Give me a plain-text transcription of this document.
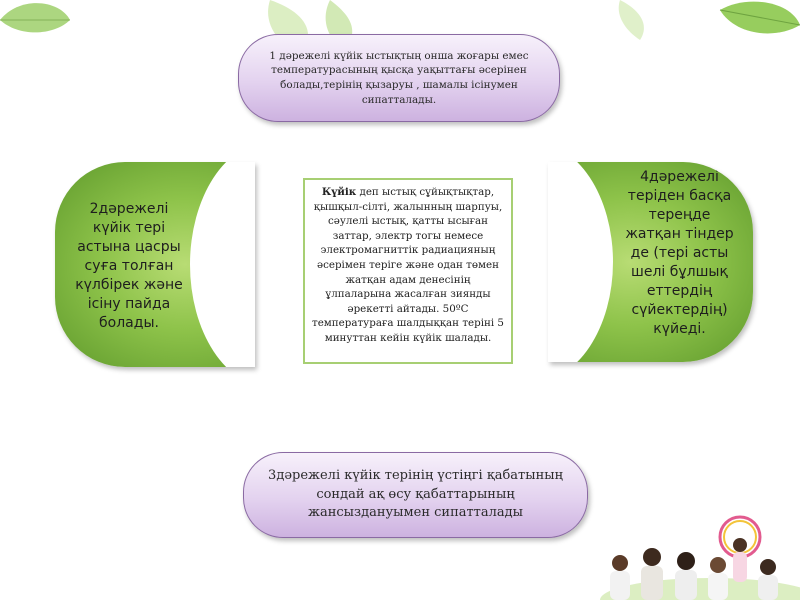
1 дәрежелі күйік ыстықтың онша жоғары емес температурасының қысқа уақыттағы әсерінен болады,терінің қызаруы , шамалы ісінумен сипатталады.
2дәрежелі
күйік тері
астына цасры
суға толған
күлбірек және
ісіну пайда
болады.
4дәрежелі
теріден басқа
тереңде
жатқан тіндер
де (тері асты
шелі бұлшық
еттердің
сүйектердің)
күйеді.
Күйік деп ыстық сұйықтықтар, қышқыл-сілті, жалынның шарпуы, сәулелі ыстық, қатты ысыған заттар, электр тогы немесе электромагниттік радиацияның әсерімен теріге және одан төмен жатқан адам денесінің ұлпаларына жасалған зиянды әрекетті айтады. 50ºC температураға шалдыққан теріні 5 минуттан кейін күйік шалады.
3дәрежелі күйік терінің үстіңгі қабатының сондай ақ өсу қабаттарының жансыздануымен сипатталады
